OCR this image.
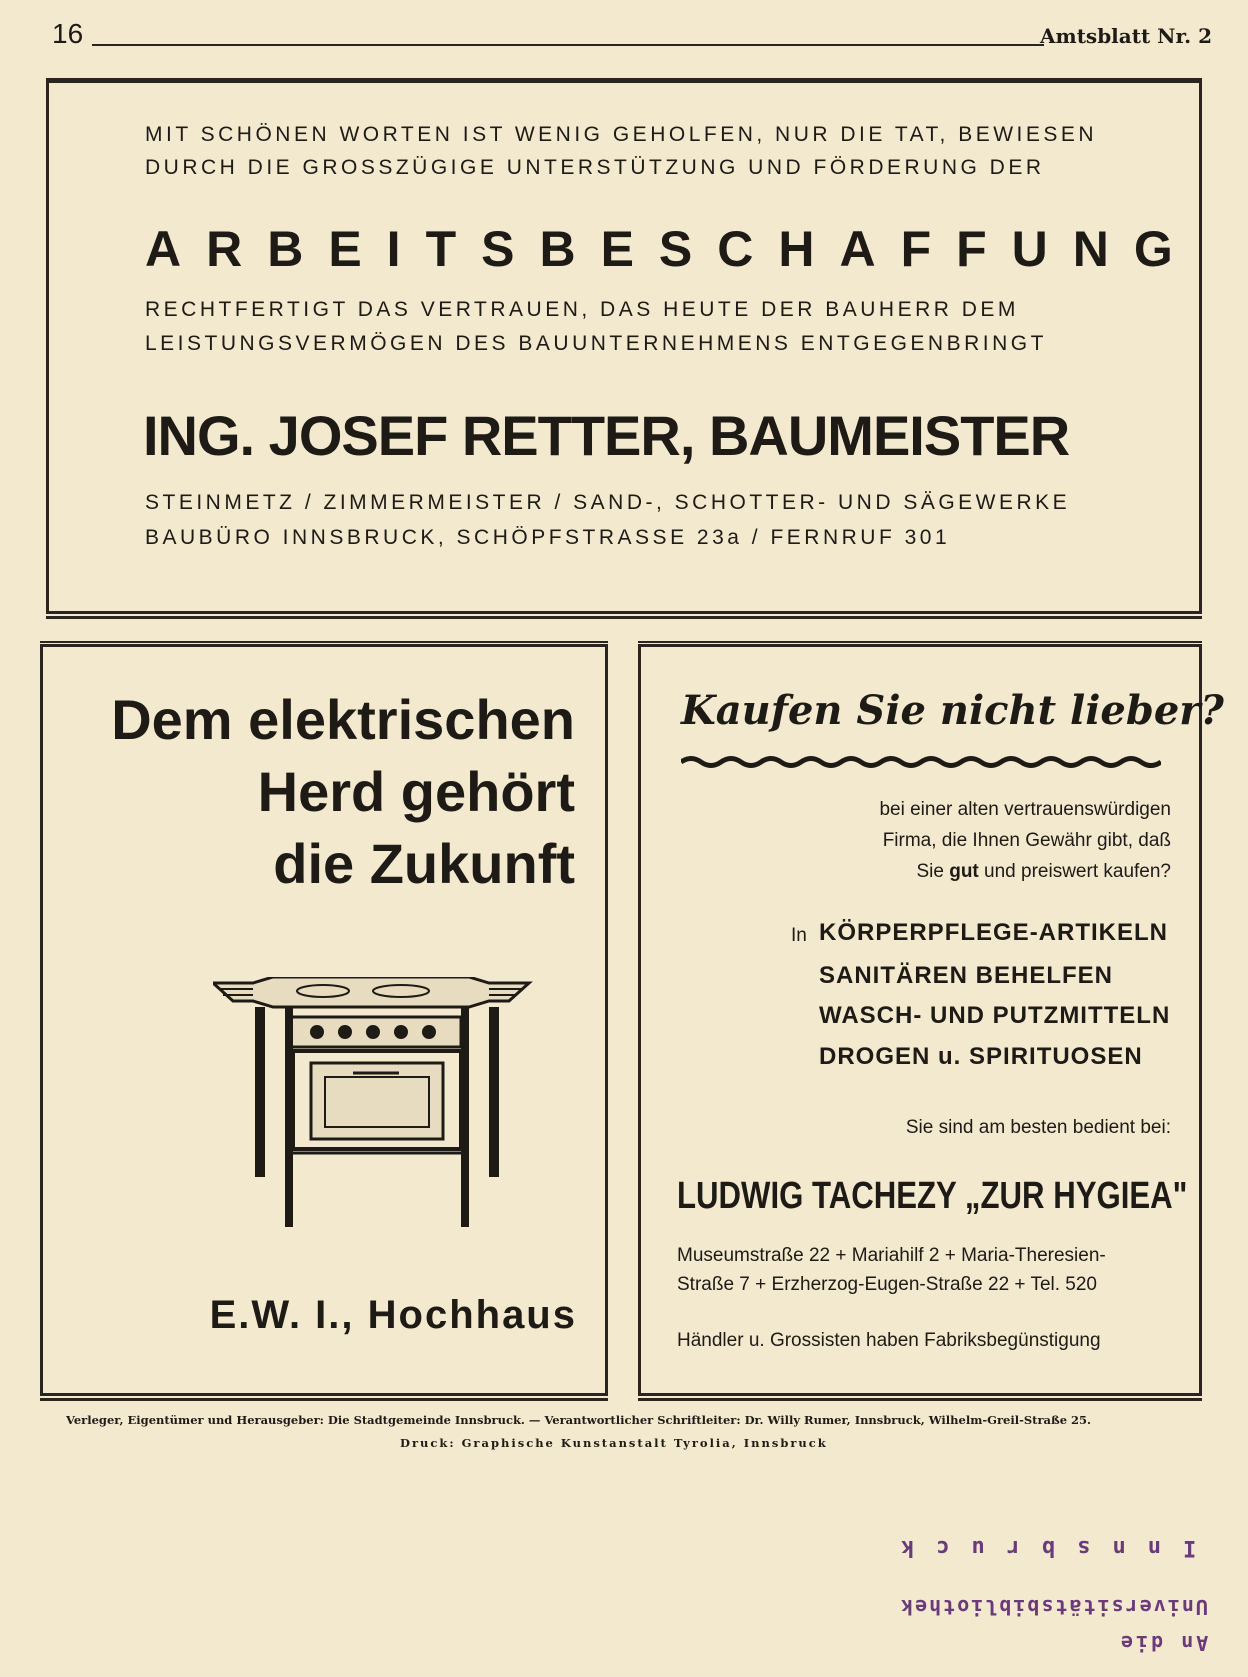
16	Amtsblatt Nr. 2
MIT SCHÖNEN WORTEN IST WENIG GEHOLFEN, NUR DIE TAT, BEWIESEN
DURCH DIE GROSSZÜGIGE UNTERSTÜTZUNG UND FÖRDERUNG DER
ARBEITSBESCHAFFUNG
RECHTFERTIGT DAS VERTRAUEN, DAS HEUTE DER BAUHERR DEM
LEISTUNGSVERMÖGEN DES BAUUNTERNEHMENS ENTGEGENBRINGT
ING. JOSEF RETTER, BAUMEISTER
STEINMETZ / ZIMMERMEISTER / SAND-, SCHOTTER- UND SÄGEWERKE
BAUBÜRO INNSBRUCK, SCHÖPFSTRASSE 23a / FERNRUF 301
Dem elektrischen
Herd gehört
die Zukunft
E.W. I., Hochhaus
Kaufen Sie nicht lieber?
bei einer alten vertrauenswürdigen
Firma, die Ihnen Gewähr gibt, daß
Sie gut und preiswert kaufen?
In KÖRPERPFLEGE-ARTIKELN
SANITÄREN BEHELFEN
WASCH- UND PUTZMITTELN
DROGEN u. SPIRITUOSEN
Sie sind am besten bedient bei:
LUDWIG TACHEZY „ZUR HYGIEA"
Museumstraße 22 + Mariahilf 2 + Maria-Theresien-
Straße 7 + Erzherzog-Eugen-Straße 22 + Tel. 520
Händler u. Grossisten haben Fabriksbegünstigung
Verleger, Eigentümer und Herausgeber: Die Stadtgemeinde Innsbruck. — Verantwortlicher Schriftleiter: Dr. Willy Rumer, Innsbruck, Wilhelm-Greil-Straße 25.
Druck: Graphische Kunstanstalt Tyrolia, Innsbruck
Innsbruck
Universitätsbibliothek
An die
